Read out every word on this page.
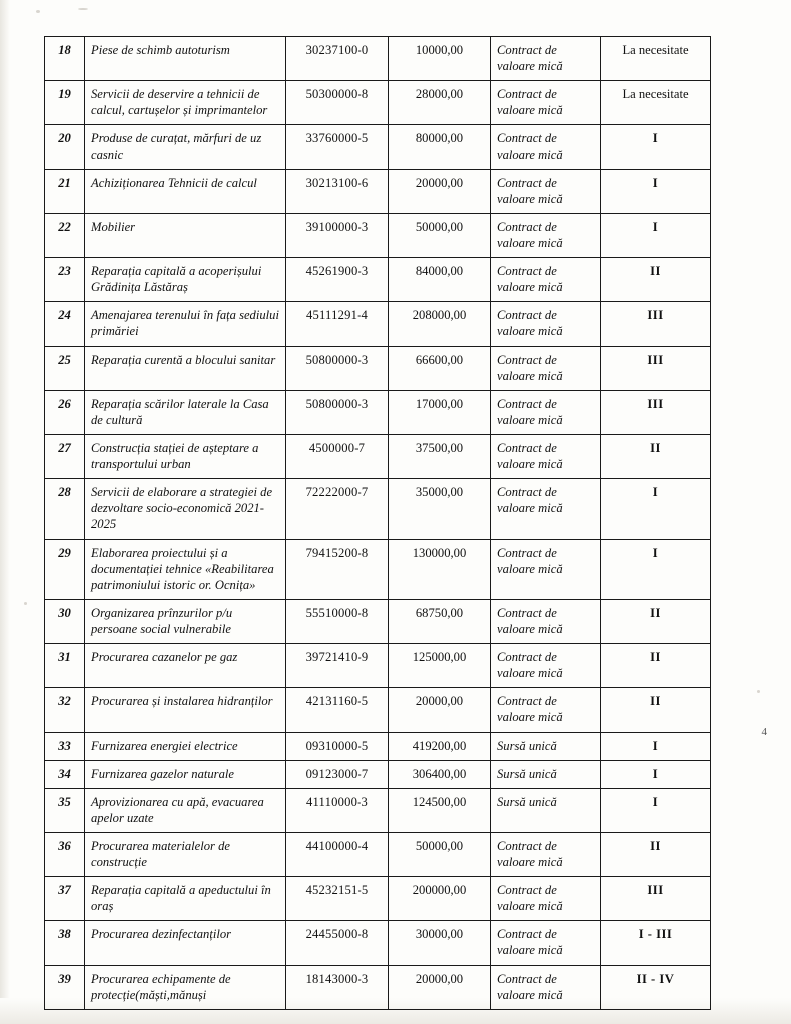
18	Piese de schimb autoturism	30237100-0	10000,00	Contract de valoare mică	La necesitate
19	Servicii de deservire a tehnicii de calcul, cartușelor și imprimantelor	50300000-8	28000,00	Contract de valoare mică	La necesitate
20	Produse de curațat, mărfuri de uz casnic	33760000-5	80000,00	Contract de valoare mică	I
21	Achiziționarea Tehnicii de calcul	30213100-6	20000,00	Contract de valoare mică	I
22	Mobilier	39100000-3	50000,00	Contract de valoare mică	I
23	Reparația capitală a acoperișului Grădinița Lăstăraș	45261900-3	84000,00	Contract de valoare mică	II
24	Amenajarea terenului în fața sediului primăriei	45111291-4	208000,00	Contract de valoare mică	III
25	Reparația curentă a blocului sanitar	50800000-3	66600,00	Contract de valoare mică	III
26	Reparația scărilor laterale la Casa de cultură	50800000-3	17000,00	Contract de valoare mică	III
27	Construcția stației de așteptare a transportului urban	4500000-7	37500,00	Contract de valoare mică	II
28	Servicii de elaborare a strategiei de dezvoltare socio-economică 2021-2025	72222000-7	35000,00	Contract de valoare mică	I
29	Elaborarea proiectului și a documentației tehnice «Reabilitarea patrimoniului istoric or. Ocnița»	79415200-8	130000,00	Contract de valoare mică	I
30	Organizarea prînzurilor p/u persoane social vulnerabile	55510000-8	68750,00	Contract de valoare mică	II
31	Procurarea cazanelor pe gaz	39721410-9	125000,00	Contract de valoare mică	II
32	Procurarea și instalarea hidranților	42131160-5	20000,00	Contract de valoare mică	II
33	Furnizarea energiei electrice	09310000-5	419200,00	Sursă unică	I
34	Furnizarea gazelor naturale	09123000-7	306400,00	Sursă unică	I
35	Aprovizionarea cu apă, evacuarea apelor uzate	41110000-3	124500,00	Sursă unică	I
36	Procurarea materialelor de construcție	44100000-4	50000,00	Contract de valoare mică	II
37	Reparația capitală a apeductului în oraș	45232151-5	200000,00	Contract de valoare mică	III
38	Procurarea dezinfectanților	24455000-8	30000,00	Contract de valoare mică	I - III
39	Procurarea echipamente de protecție(măști,mănuși	18143000-3	20000,00	Contract de valoare mică	II - IV
4
